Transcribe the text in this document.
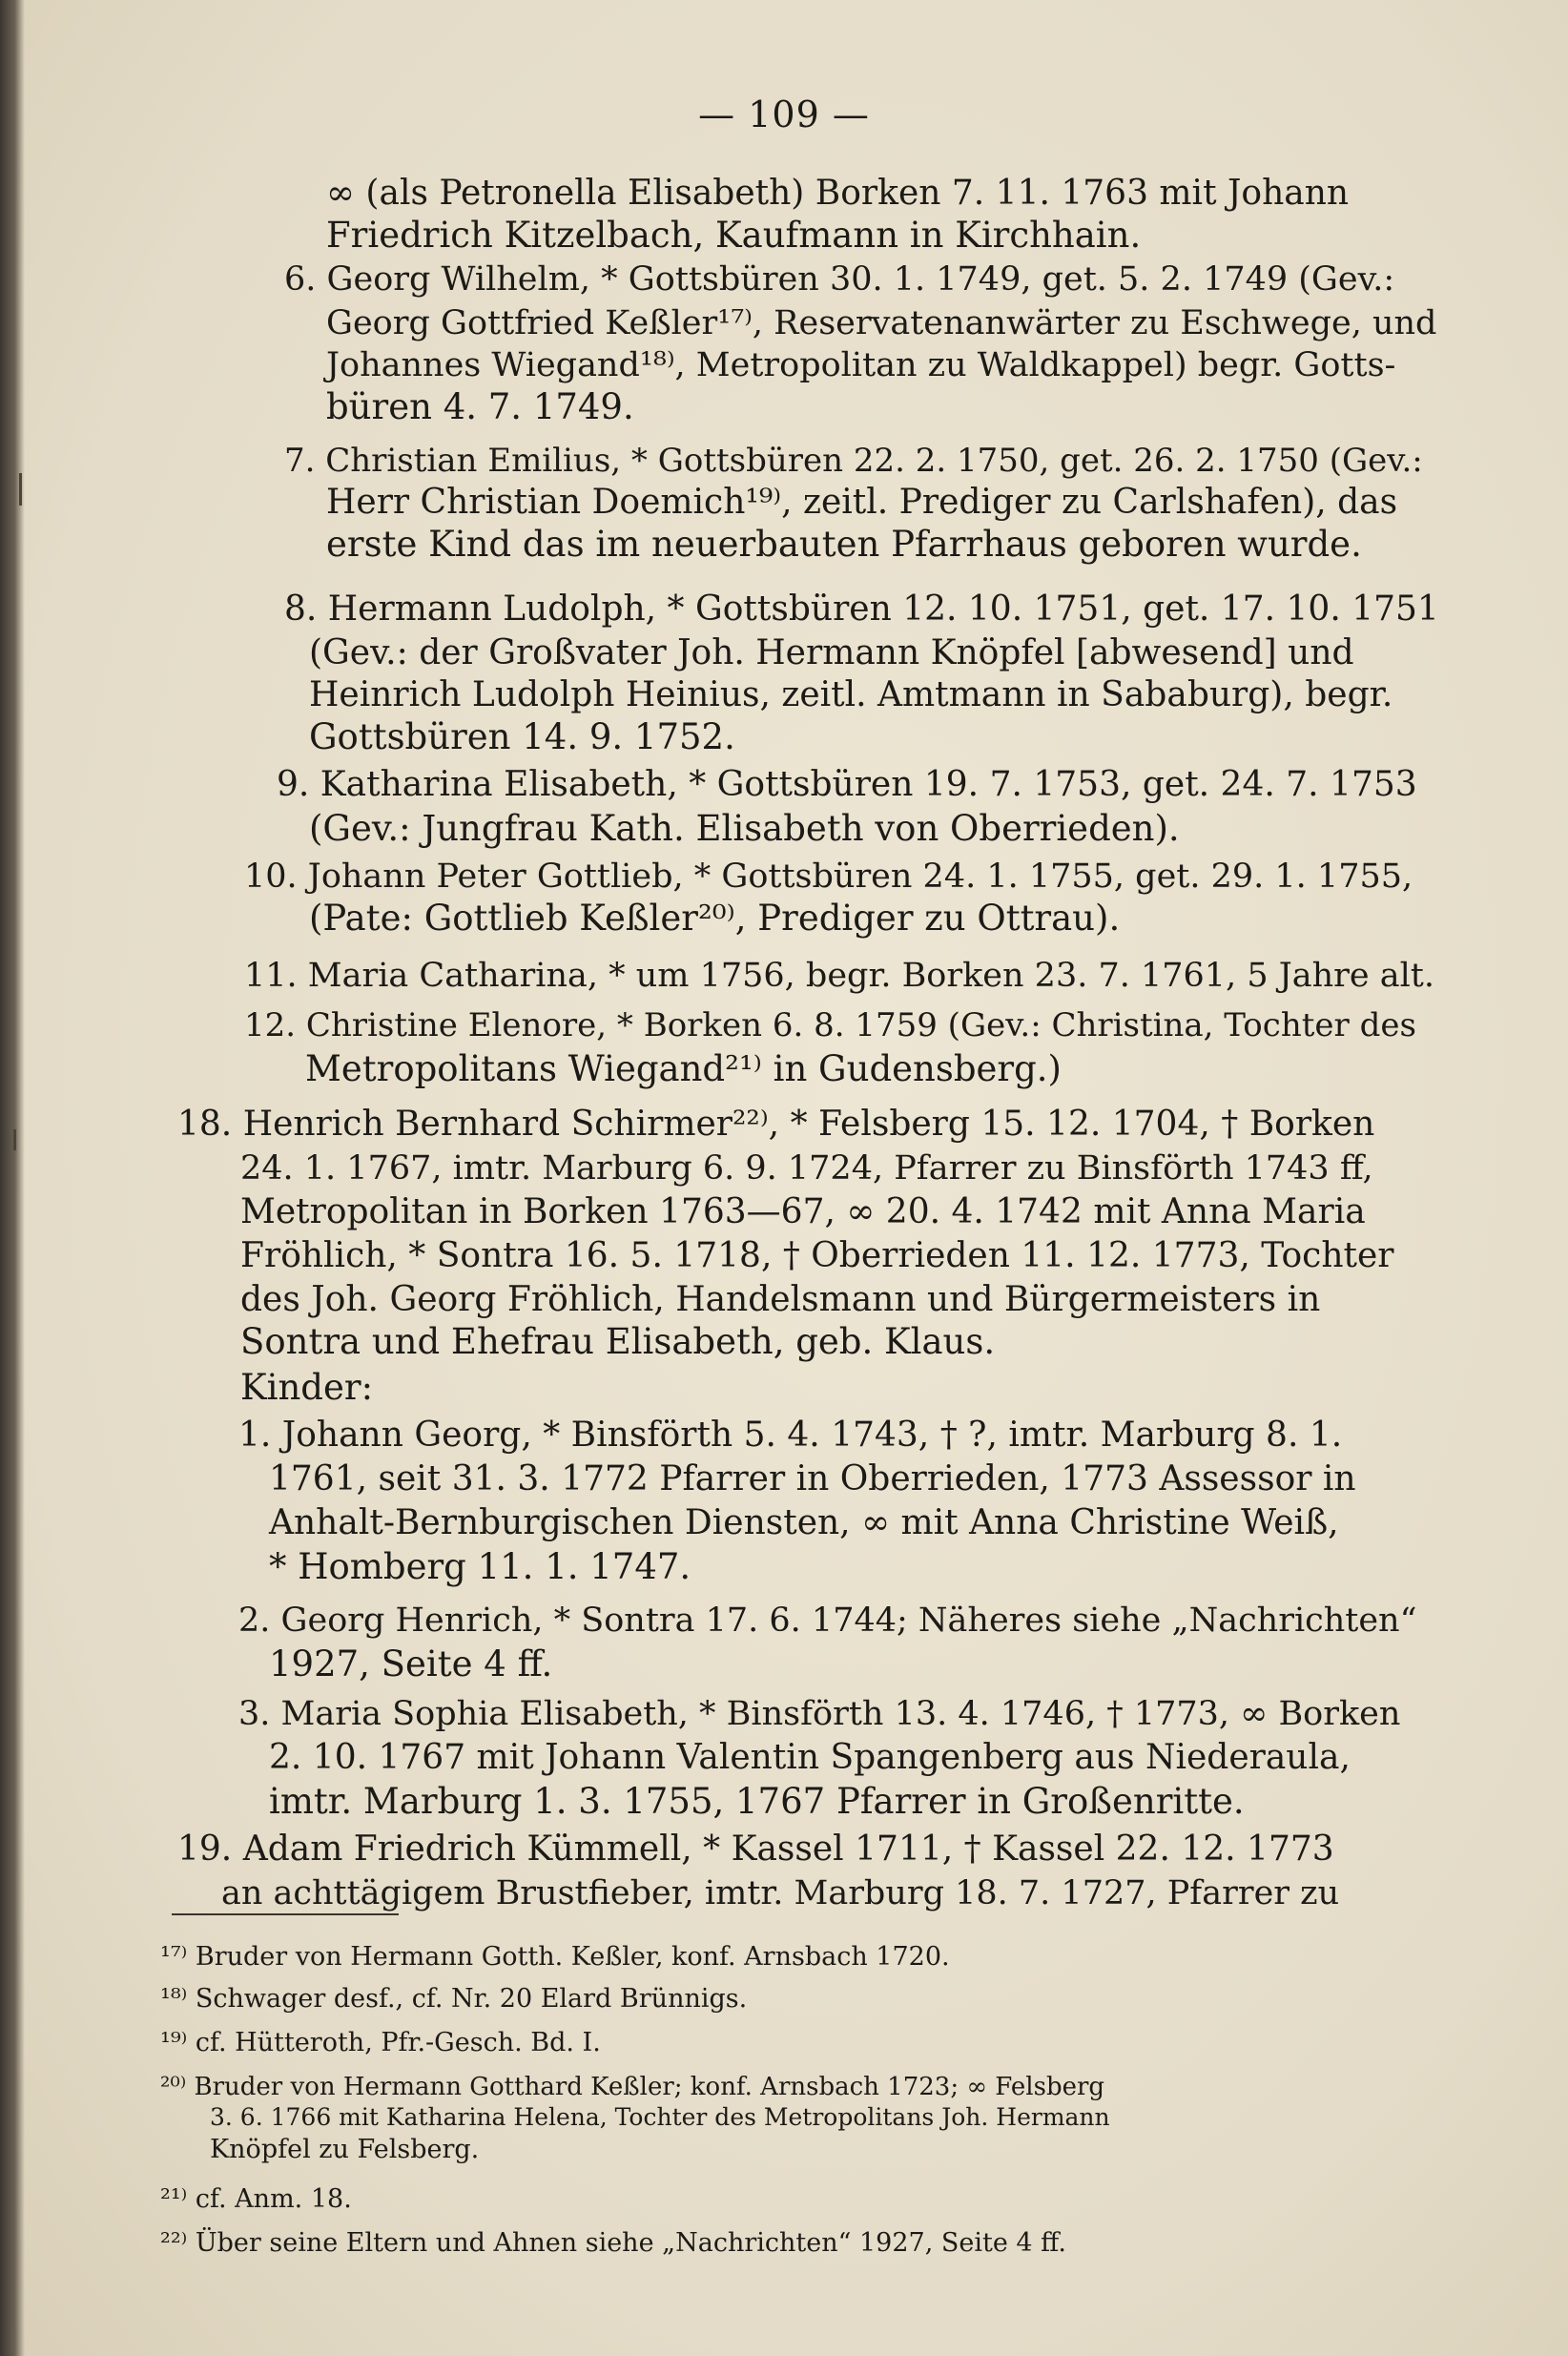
— 109 —
∞ (als Petronella Elisabeth) Borken 7. 11. 1763 mit Johann
Friedrich Kitzelbach, Kaufmann in Kirchhain.
6. Georg Wilhelm, * Gottsbüren 30. 1. 1749, get. 5. 2. 1749 (Gev.:
Georg Gottfried Keßler¹⁷⁾, Reservatenanwärter zu Eschwege, und
Johannes Wiegand¹⁸⁾, Metropolitan zu Waldkappel) begr. Gotts-
büren 4. 7. 1749.
7. Christian Emilius, * Gottsbüren 22. 2. 1750, get. 26. 2. 1750 (Gev.:
Herr Christian Doemich¹⁹⁾, zeitl. Prediger zu Carlshafen), das
erste Kind das im neuerbauten Pfarrhaus geboren wurde.
8. Hermann Ludolph, * Gottsbüren 12. 10. 1751, get. 17. 10. 1751
(Gev.: der Großvater Joh. Hermann Knöpfel [abwesend] und
Heinrich Ludolph Heinius, zeitl. Amtmann in Sababurg), begr.
Gottsbüren 14. 9. 1752.
9. Katharina Elisabeth, * Gottsbüren 19. 7. 1753, get. 24. 7. 1753
(Gev.: Jungfrau Kath. Elisabeth von Oberrieden).
10. Johann Peter Gottlieb, * Gottsbüren 24. 1. 1755, get. 29. 1. 1755,
(Pate: Gottlieb Keßler²⁰⁾, Prediger zu Ottrau).
11. Maria Catharina, * um 1756, begr. Borken 23. 7. 1761, 5 Jahre alt.
12. Christine Elenore, * Borken 6. 8. 1759 (Gev.: Christina, Tochter des
Metropolitans Wiegand²¹⁾ in Gudensberg.)
18. Henrich Bernhard Schirmer²²⁾, * Felsberg 15. 12. 1704, † Borken
24. 1. 1767, imtr. Marburg 6. 9. 1724, Pfarrer zu Binsförth 1743 ff,
Metropolitan in Borken 1763—67, ∞ 20. 4. 1742 mit Anna Maria
Fröhlich, * Sontra 16. 5. 1718, † Oberrieden 11. 12. 1773, Tochter
des Joh. Georg Fröhlich, Handelsmann und Bürgermeisters in
Sontra und Ehefrau Elisabeth, geb. Klaus.
Kinder:
1. Johann Georg, * Binsförth 5. 4. 1743, † ?, imtr. Marburg 8. 1.
1761, seit 31. 3. 1772 Pfarrer in Oberrieden, 1773 Assessor in
Anhalt-Bernburgischen Diensten, ∞ mit Anna Christine Weiß,
* Homberg 11. 1. 1747.
2. Georg Henrich, * Sontra 17. 6. 1744; Näheres siehe „Nachrichten“
1927, Seite 4 ff.
3. Maria Sophia Elisabeth, * Binsförth 13. 4. 1746, † 1773, ∞ Borken
2. 10. 1767 mit Johann Valentin Spangenberg aus Niederaula,
imtr. Marburg 1. 3. 1755, 1767 Pfarrer in Großenritte.
19. Adam Friedrich Kümmell, * Kassel 1711, † Kassel 22. 12. 1773
an achttägigem Brustfieber, imtr. Marburg 18. 7. 1727, Pfarrer zu
¹⁷⁾ Bruder von Hermann Gotth. Keßler, konf. Arnsbach 1720.
¹⁸⁾ Schwager desf., cf. Nr. 20 Elard Brünnigs.
¹⁹⁾ cf. Hütteroth, Pfr.-Gesch. Bd. I.
²⁰⁾ Bruder von Hermann Gotthard Keßler; konf. Arnsbach 1723; ∞ Felsberg
3. 6. 1766 mit Katharina Helena, Tochter des Metropolitans Joh. Hermann
Knöpfel zu Felsberg.
²¹⁾ cf. Anm. 18.
²²⁾ Über seine Eltern und Ahnen siehe „Nachrichten“ 1927, Seite 4 ff.
